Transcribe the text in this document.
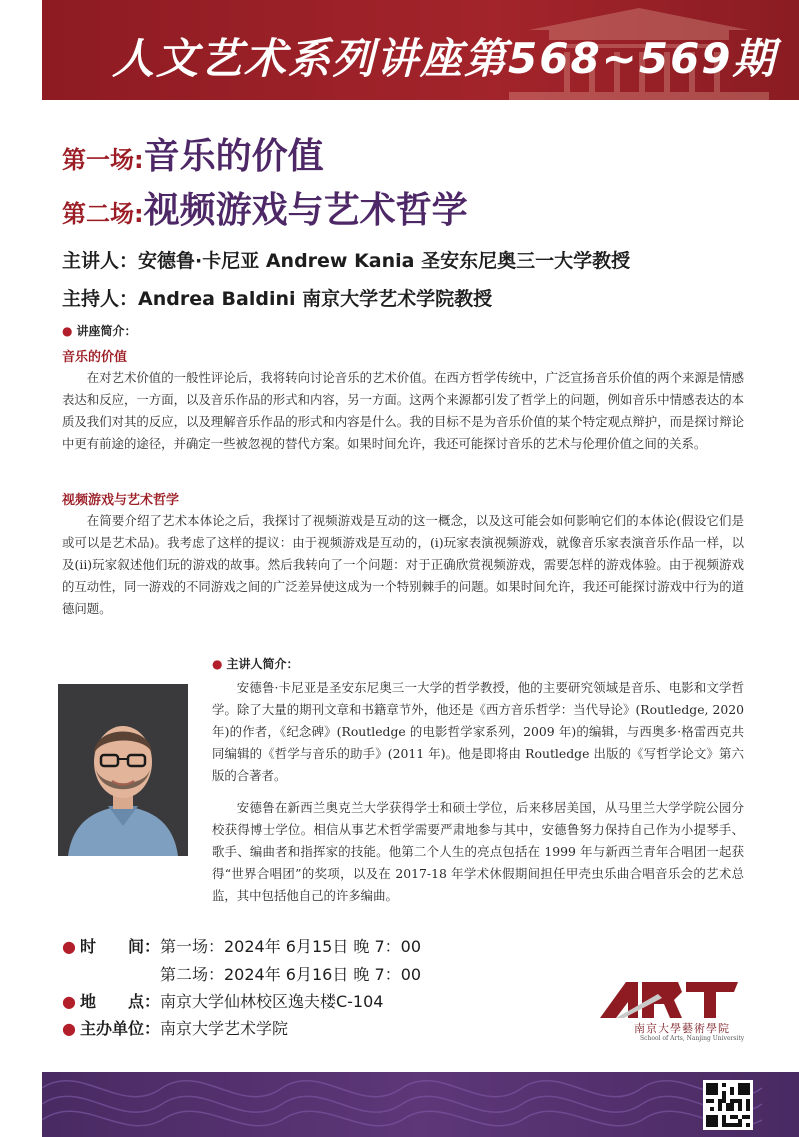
人文艺术系列讲座第568~569期
第一场:音乐的价值
第二场:视频游戏与艺术哲学
主讲人：安德鲁·卡尼亚 Andrew Kania 圣安东尼奥三一大学教授
主持人：Andrea Baldini 南京大学艺术学院教授
● 讲座简介：
音乐的价值

在对艺术价值的一般性评论后，我将转向讨论音乐的艺术价值。在西方哲学传统中，广泛宣扬音乐价值的两个来源是情感表达和反应，一方面，以及音乐作品的形式和内容，另一方面。这两个来源都引发了哲学上的问题，例如音乐中情感表达的本质及我们对其的反应，以及理解音乐作品的形式和内容是什么。我的目标不是为音乐价值的某个特定观点辩护，而是探讨辩论中更有前途的途径，并确定一些被忽视的替代方案。如果时间允许，我还可能探讨音乐的艺术与伦理价值之间的关系。

视频游戏与艺术哲学

在简要介绍了艺术本体论之后，我探讨了视频游戏是互动的这一概念，以及这可能会如何影响它们的本体论(假设它们是或可以是艺术品)。我考虑了这样的提议：由于视频游戏是互动的，(i)玩家表演视频游戏，就像音乐家表演音乐作品一样，以及(ii)玩家叙述他们玩的游戏的故事。然后我转向了一个问题：对于正确欣赏视频游戏，需要怎样的游戏体验。由于视频游戏的互动性，同一游戏的不同游戏之间的广泛差异使这成为一个特别棘手的问题。如果时间允许，我还可能探讨游戏中行为的道德问题。

● 主讲人简介：

安德鲁·卡尼亚是圣安东尼奥三一大学的哲学教授，他的主要研究领域是音乐、电影和文学哲学。除了大量的期刊文章和书籍章节外，他还是《西方音乐哲学：当代导论》(Routledge, 2020 年)的作者，《纪念碑》(Routledge 的电影哲学家系列，2009 年)的编辑，与西奥多·格雷西克共同编辑的《哲学与音乐的助手》(2011 年)。他是即将由 Routledge 出版的《写哲学论文》第六版的合著者。

安德鲁在新西兰奥克兰大学获得学士和硕士学位，后来移居美国，从马里兰大学学院公园分校获得博士学位。相信从事艺术哲学需要严肃地参与其中，安德鲁努力保持自己作为小提琴手、歌手、编曲者和指挥家的技能。他第二个人生的亮点包括在 1999 年与新西兰青年合唱团一起获得“世界合唱团”的奖项，以及在 2017-18 年学术休假期间担任甲壳虫乐曲合唱音乐会的艺术总监，其中包括他自己的许多编曲。

● 时　　间：第一场：2024年 6月15日 晚 7：00
第二场：2024年 6月16日 晚 7：00
● 地　　点：南京大学仙林校区逸夫楼C-104
● 主办单位：南京大学艺术学院	南京大學藝術學院
School of Arts, Nanjing University
